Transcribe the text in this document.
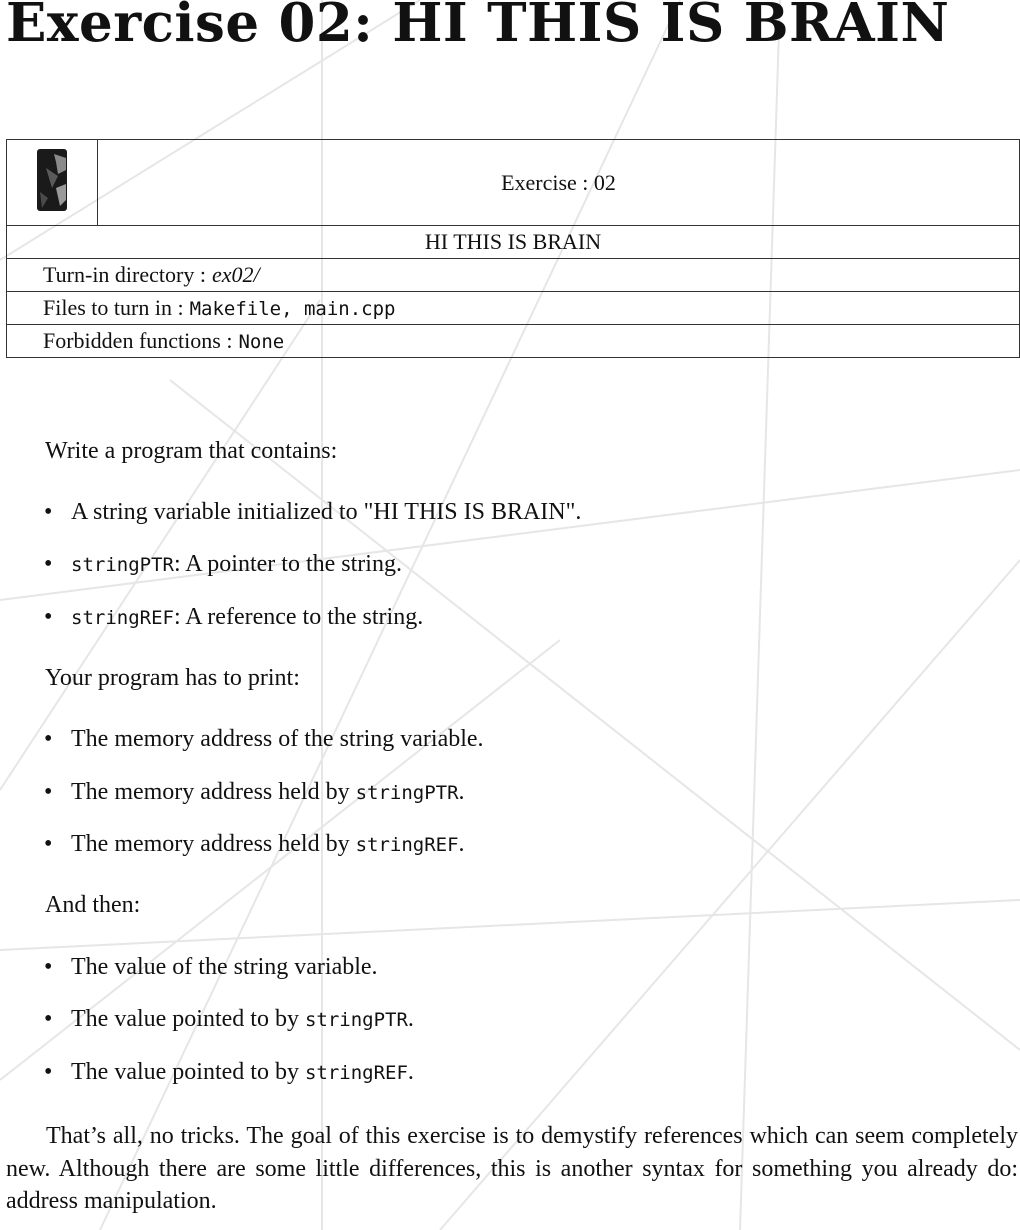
Exercise 02: HI THIS IS BRAIN
	Exercise : 02
HI THIS IS BRAIN
Turn-in directory : ex02/
Files to turn in : Makefile, main.cpp
Forbidden functions : None
Write a program that contains:
• A string variable initialized to "HI THIS IS BRAIN".
• stringPTR: A pointer to the string.
• stringREF: A reference to the string.
Your program has to print:
• The memory address of the string variable.
• The memory address held by stringPTR.
• The memory address held by stringREF.
And then:
• The value of the string variable.
• The value pointed to by stringPTR.
• The value pointed to by stringREF.
That’s all, no tricks. The goal of this exercise is to demystify references which can seem completely new. Although there are some little differences, this is another syntax for something you already do: address manipulation.
